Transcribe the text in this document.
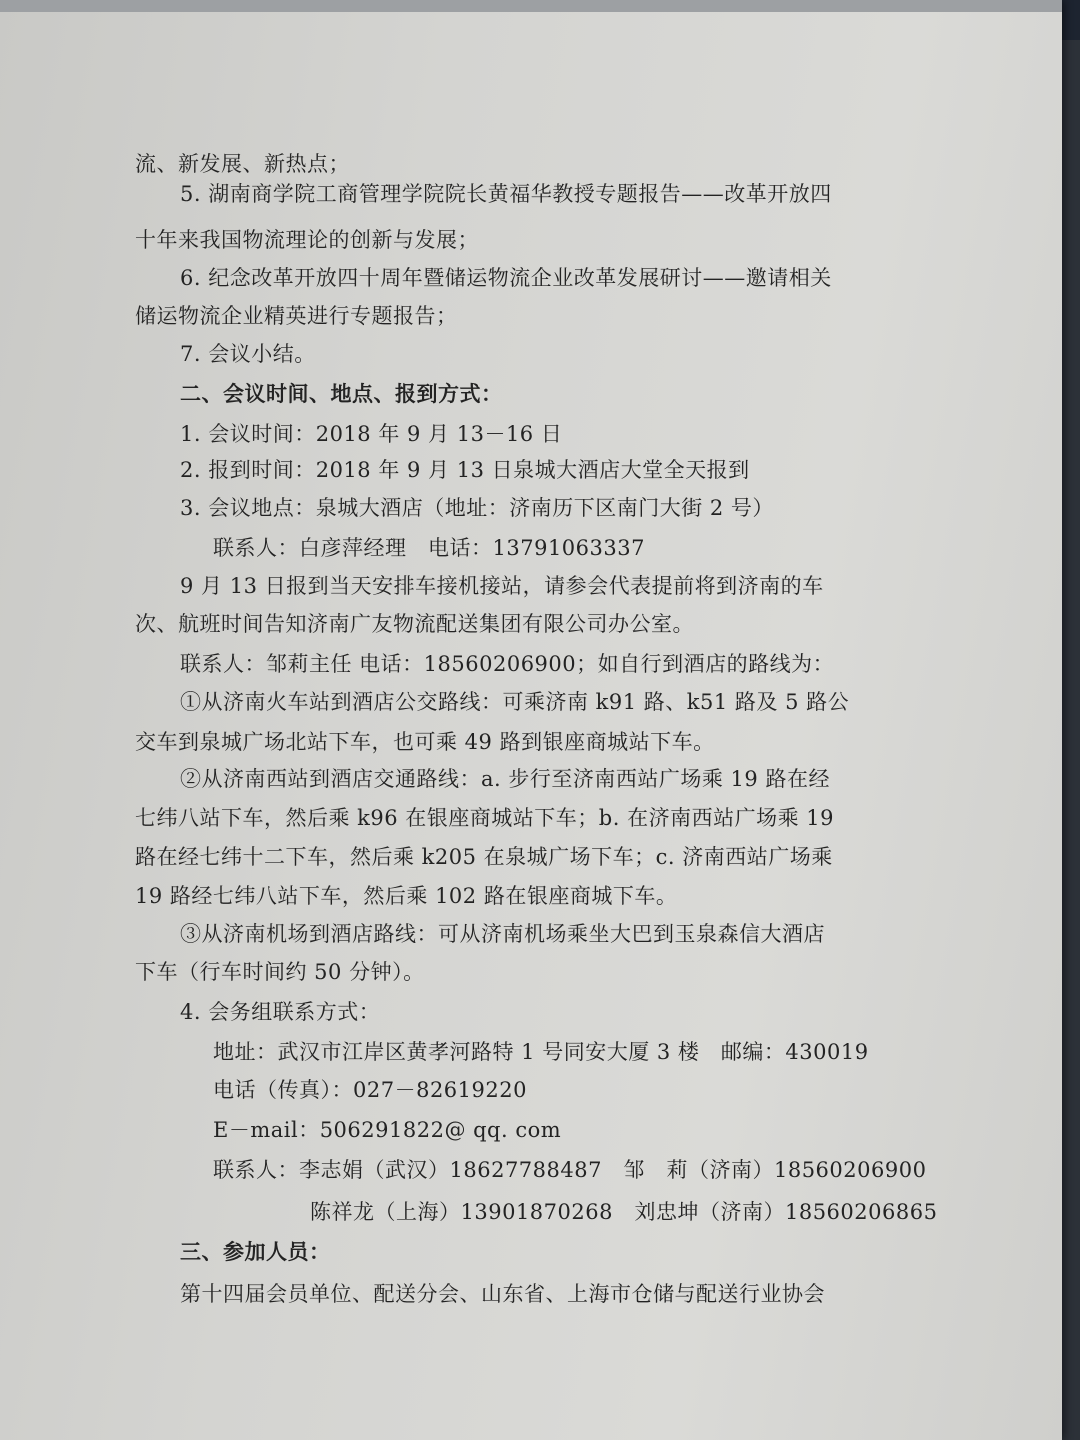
流、新发展、新热点；
5. 湖南商学院工商管理学院院长黄福华教授专题报告——改革开放四
十年来我国物流理论的创新与发展；
6. 纪念改革开放四十周年暨储运物流企业改革发展研讨——邀请相关
储运物流企业精英进行专题报告；
7. 会议小结。
二、会议时间、地点、报到方式：
1. 会议时间：2018 年 9 月 13－16 日
2. 报到时间：2018 年 9 月 13 日泉城大酒店大堂全天报到
3. 会议地点：泉城大酒店（地址：济南历下区南门大街 2 号）
联系人：白彦萍经理　电话：13791063337
9 月 13 日报到当天安排车接机接站，请参会代表提前将到济南的车
次、航班时间告知济南广友物流配送集团有限公司办公室。
联系人：邹莉主任 电话：18560206900；如自行到酒店的路线为：
①从济南火车站到酒店公交路线：可乘济南 k91 路、k51 路及 5 路公
交车到泉城广场北站下车，也可乘 49 路到银座商城站下车。
②从济南西站到酒店交通路线：a. 步行至济南西站广场乘 19 路在经
七纬八站下车，然后乘 k96 在银座商城站下车；b. 在济南西站广场乘 19
路在经七纬十二下车，然后乘 k205 在泉城广场下车；c. 济南西站广场乘
19 路经七纬八站下车，然后乘 102 路在银座商城下车。
③从济南机场到酒店路线：可从济南机场乘坐大巴到玉泉森信大酒店
下车（行车时间约 50 分钟）。
4. 会务组联系方式：
地址：武汉市江岸区黄孝河路特 1 号同安大厦 3 楼　邮编：430019
电话（传真）：027－82619220
E－mail：506291822@ qq. com
联系人：李志娟（武汉）18627788487　邹　莉（济南）18560206900
陈祥龙（上海）13901870268　刘忠坤（济南）18560206865
三、参加人员：
第十四届会员单位、配送分会、山东省、上海市仓储与配送行业协会
